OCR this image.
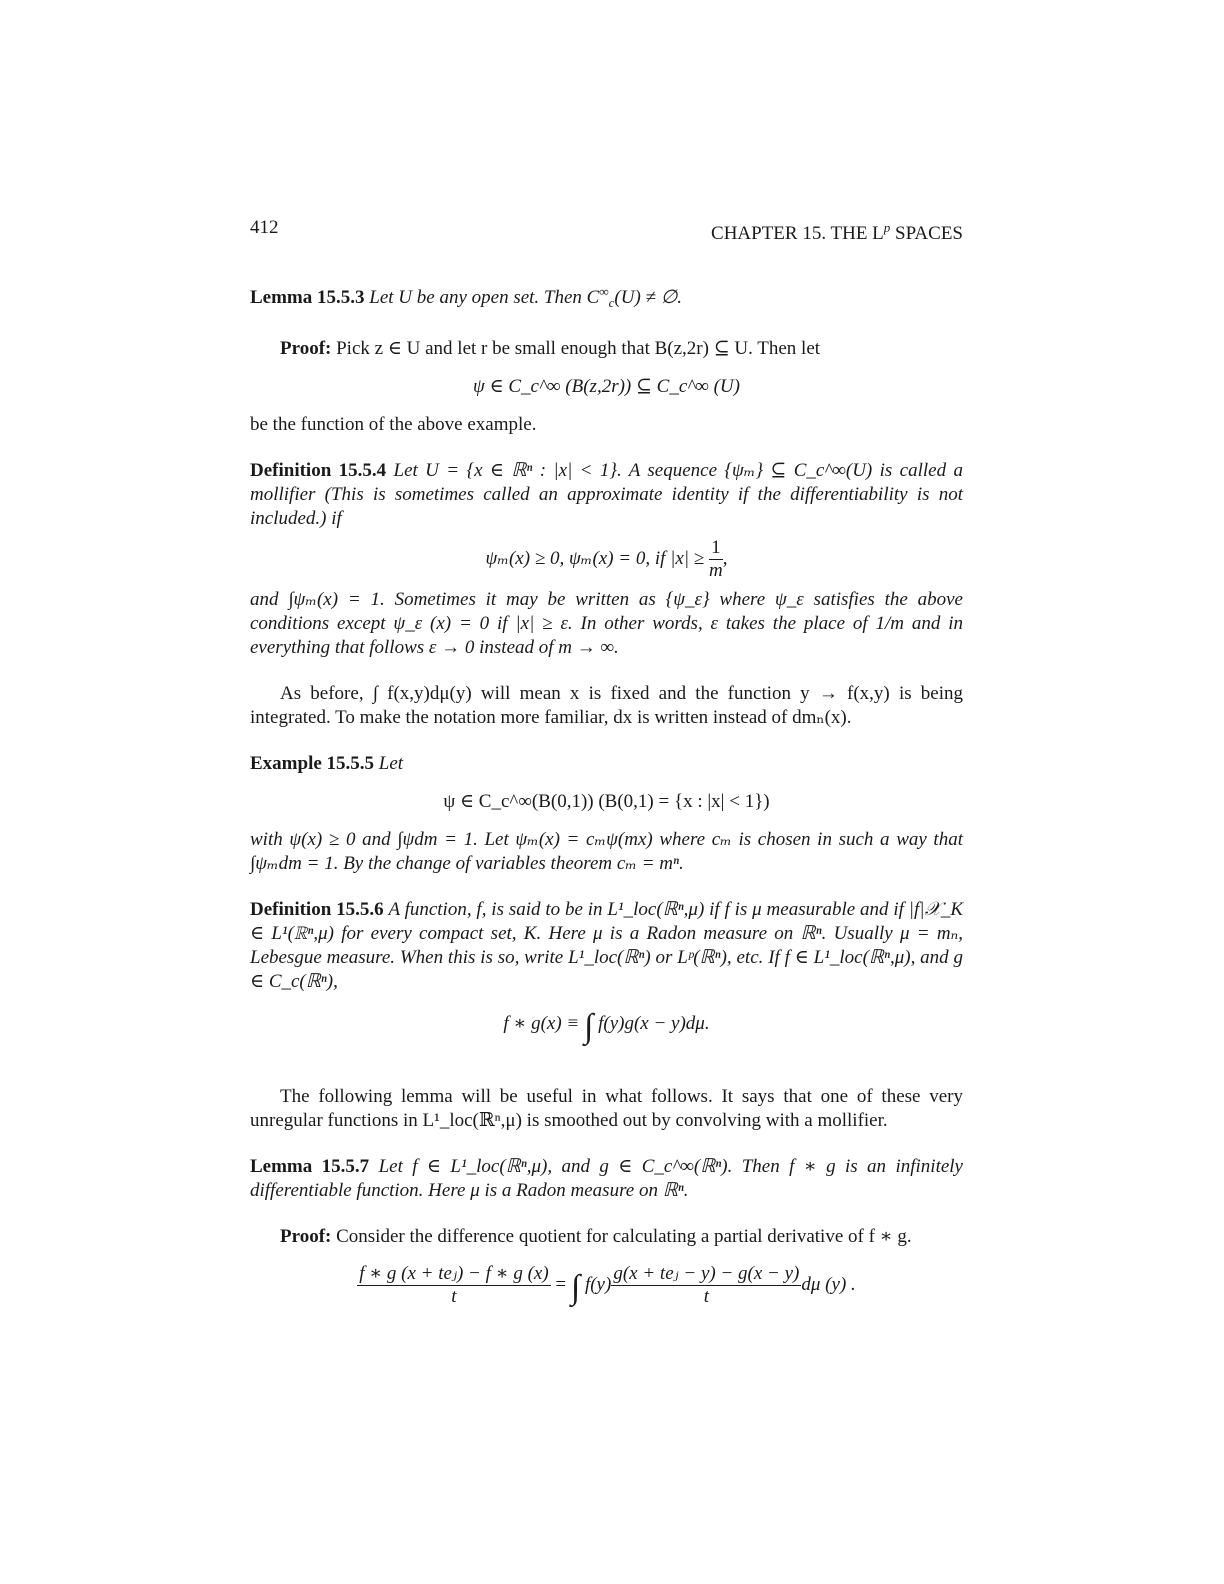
412	CHAPTER 15. THE $L^p$ SPACES

Lemma 15.5.3 Let U be any open set. Then $C^\infty_c(U)$ ≠ ∅.

Proof: Pick z ∈ U and let r be small enough that B(z,2r) ⊆ U. Then let

ψ ∈ C_c^∞ (B(z,2r)) ⊆ C_c^∞ (U)

be the function of the above example.

Definition 15.5.4 Let U = {x ∈ ℝⁿ : |x| < 1}. A sequence {ψₘ} ⊆ C_c^∞(U) is called a mollifier (This is sometimes called an approximate identity if the differentiability is not included.) if

ψₘ(x) ≥ 0, ψₘ(x) = 0, if $|x| \ge \frac{1}{m}$ ,

and ∫ψₘ(x) = 1. Sometimes it may be written as {ψ_ε} where ψ_ε satisfies the above conditions except ψ_ε (x) = 0 if |x| ≥ ε. In other words, ε takes the place of 1/m and in everything that follows ε → 0 instead of m → ∞.

As before, ∫ f(x,y)dμ(y) will mean x is fixed and the function y → f(x,y) is being integrated. To make the notation more familiar, dx is written instead of dmₙ(x).

Example 15.5.5 Let

ψ ∈ C_c^∞(B(0,1)) (B(0,1) = {x : |x| < 1})

with ψ(x) ≥ 0 and ∫ψdm = 1. Let ψₘ(x) = cₘψ(mx) where cₘ is chosen in such a way that ∫ψₘdm = 1. By the change of variables theorem cₘ = mⁿ.

Definition 15.5.6 A function, f, is said to be in L¹_loc(ℝⁿ,μ) if f is μ measurable and if |f|𝒳_K ∈ L¹(ℝⁿ,μ) for every compact set, K. Here μ is a Radon measure on ℝⁿ. Usually μ = mₙ, Lebesgue measure. When this is so, write L¹_loc(ℝⁿ) or Lᵖ(ℝⁿ), etc. If f ∈ L¹_loc(ℝⁿ,μ), and g ∈ C_c(ℝⁿ),

f ∗ g(x) ≡ ∫ f(y)g(x − y)dμ.

The following lemma will be useful in what follows. It says that one of these very unregular functions in L¹_loc(ℝⁿ,μ) is smoothed out by convolving with a mollifier.

Lemma 15.5.7 Let f ∈ L¹_loc(ℝⁿ,μ), and g ∈ C_c^∞(ℝⁿ). Then f ∗ g is an infinitely differentiable function. Here μ is a Radon measure on ℝⁿ.

Proof: Consider the difference quotient for calculating a partial derivative of f ∗ g.

$\frac{\text{f ∗ g (x + teⱼ) − f ∗ g (x)}}{t}$ = ∫ $f(y) \frac{\text{g(x + teⱼ − y) − g(x − y)}}{t}$ dμ (y) .
